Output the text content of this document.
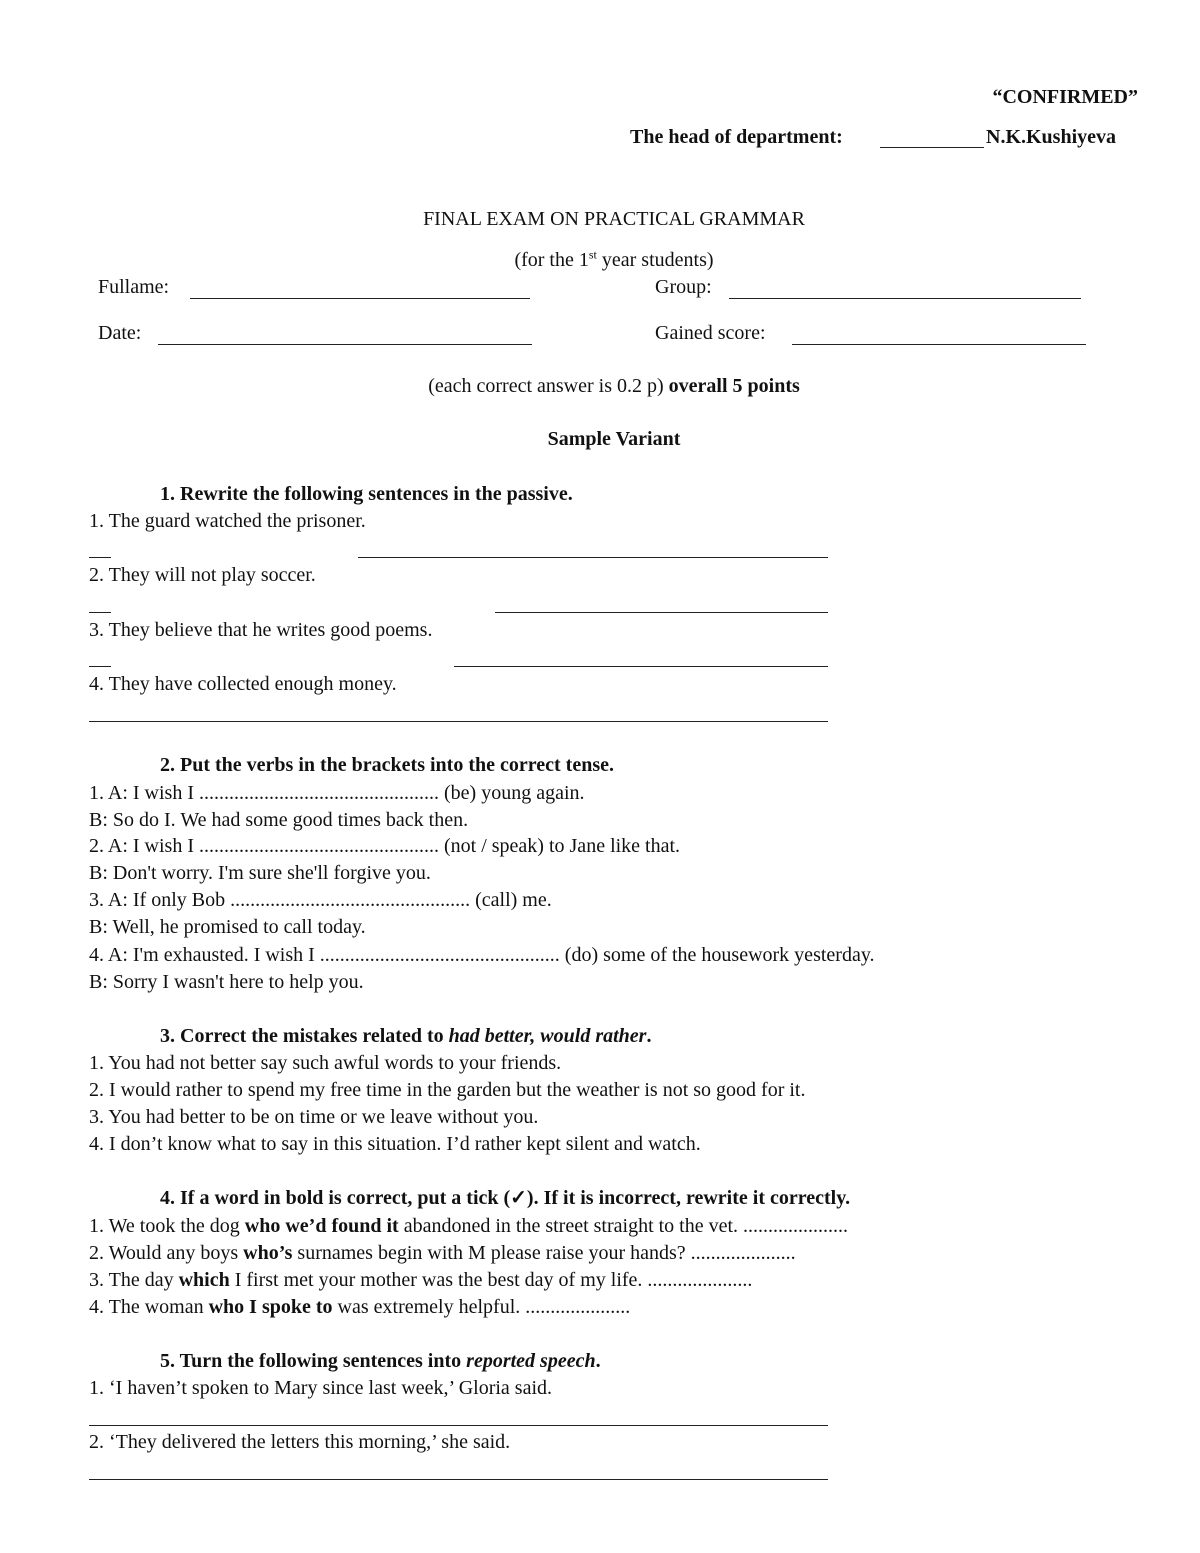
“CONFIRMED”
The head of department:	N.K.Kushiyeva
FINAL EXAM ON PRACTICAL GRAMMAR
(for the 1st year students)
Fullame:	Group:
Date:	Gained score:
(each correct answer is 0.2 p) overall 5 points
Sample Variant
1. Rewrite the following sentences in the passive.
1. The guard watched the prisoner.
2. They will not play soccer.
3. They believe that he writes good poems.
4. They have collected enough money.
2. Put the verbs in the brackets into the correct tense.
1. A: I wish I ................................................ (be) young again.
B: So do I. We had some good times back then.
2. A: I wish I ................................................ (not / speak) to Jane like that.
B: Don't worry. I'm sure she'll forgive you.
3. A: If only Bob ................................................ (call) me.
B: Well, he promised to call today.
4. A: I'm exhausted. I wish I ................................................ (do) some of the housework yesterday.
B: Sorry I wasn't here to help you.
3. Correct the mistakes related to had better, would rather.
1. You had not better say such awful words to your friends.
2. I would rather to spend my free time in the garden but the weather is not so good for it.
3. You had better to be on time or we leave without you.
4. I don’t know what to say in this situation. I’d rather kept silent and watch.
4. If a word in bold is correct, put a tick (✓). If it is incorrect, rewrite it correctly.
1. We took the dog who we’d found it abandoned in the street straight to the vet. .....................
2. Would any boys who’s surnames begin with M please raise your hands? .....................
3. The day which I first met your mother was the best day of my life. .....................
4. The woman who I spoke to was extremely helpful. .....................
5. Turn the following sentences into reported speech.
1. ‘I haven’t spoken to Mary since last week,’ Gloria said.
2. ‘They delivered the letters this morning,’ she said.
